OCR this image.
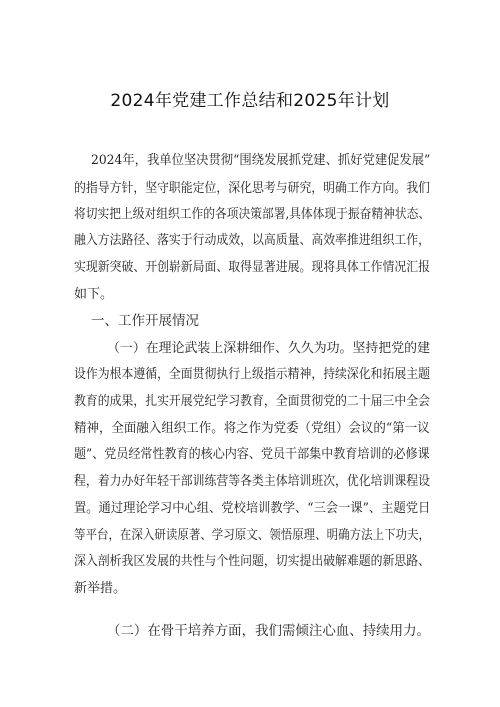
2024年党建工作总结和2025年计划
2024年，我单位坚决贯彻“围绕发展抓党建、抓好党建促发展”
的指导方针，坚守职能定位，深化思考与研究，明确工作方向。我们
将切实把上级对组织工作的各项决策部署,具体体现于振奋精神状态、
融入方法路径、落实于行动成效，以高质量、高效率推进组织工作，
实现新突破、开创崭新局面、取得显著进展。现将具体工作情况汇报
如下。
一、工作开展情况
（一）在理论武装上深耕细作、久久为功。坚持把党的建
设作为根本遵循，全面贯彻执行上级指示精神，持续深化和拓展主题
教育的成果，扎实开展党纪学习教育，全面贯彻党的二十届三中全会
精神，全面融入组织工作。将之作为党委（党组）会议的“第一议
题”、党员经常性教育的核心内容、党员干部集中教育培训的必修课
程，着力办好年轻干部训练营等各类主体培训班次，优化培训课程设
置。通过理论学习中心组、党校培训教学、“三会一课”、主题党日
等平台，在深入研读原著、学习原文、领悟原理、明确方法上下功夫，
深入剖析我区发展的共性与个性问题，切实提出破解难题的新思路、
新举措。
（二）在骨干培养方面，我们需倾注心血、持续用力。
